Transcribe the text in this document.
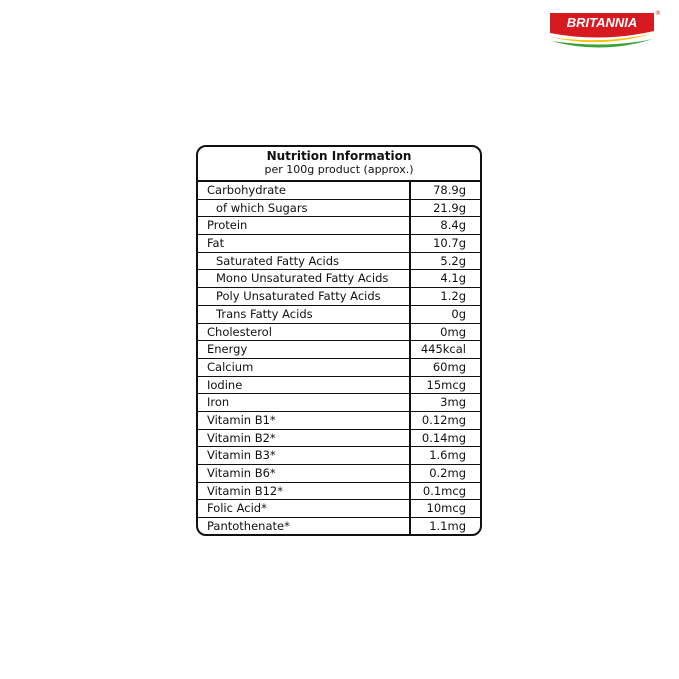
BRITANNIA
®
Nutrition Information
per 100g product (approx.)
Carbohydrate	78.9g
of which Sugars	21.9g
Protein	8.4g
Fat	10.7g
Saturated Fatty Acids	5.2g
Mono Unsaturated Fatty Acids	4.1g
Poly Unsaturated Fatty Acids	1.2g
Trans Fatty Acids	0g
Cholesterol	0mg
Energy	445kcal
Calcium	60mg
Iodine	15mcg
Iron	3mg
Vitamin B1*	0.12mg
Vitamin B2*	0.14mg
Vitamin B3*	1.6mg
Vitamin B6*	0.2mg
Vitamin B12*	0.1mcg
Folic Acid*	10mcg
Pantothenate*	1.1mg
